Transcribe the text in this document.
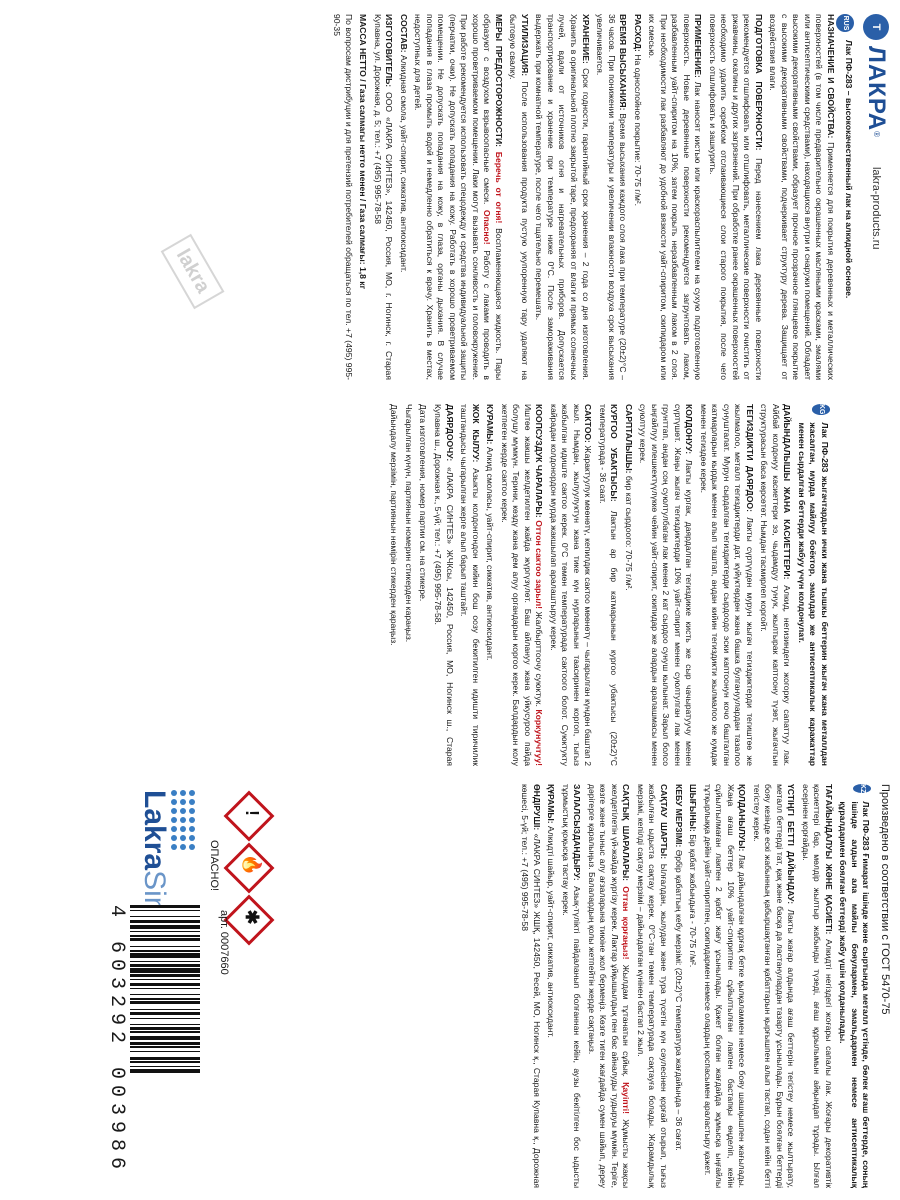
Т
ЛАКРА
®
lakra-products.ru
RUS

Лак ПФ-283 – высококачественный лак на алкидной основе.

НАЗНАЧЕНИЕ И СВОЙСТВА: Применяется для покрытия деревянных и металлических поверхностей (в том числе предварительно окрашенных масляными красками, эмалями или антисептическими средствами), находящихся внутри и снаружи помещений. Обладает высокими декоративными свойствами, образует прочное прозрачное глянцевое покрытие с высокими декоративными свойствами, подчеркивает структуру дерева. Защищает от воздействия влаги.

ПОДГОТОВКА ПОВЕРХНОСТИ: Перед нанесением лака деревянные поверхности рекомендуется отшлифовать или отшлифовать, металлические поверхности очистить от ржавчины, окалины и других загрязнений. При обработке ранее окрашенных поверхностей необходимо удалить скребком отслаивающиеся слои старого покрытия, после чего поверхность отшлифовать и зашкурить.

ПРИМЕНЕНИЕ: Лак наносят кистью или краскораспылителем на сухую подготовленную поверхность. Новые деревянные поверхности рекомендуется загрунтовать лаком, разбавленным уайт-спиритом на 10%, затем покрыть неразбавленным лаком в 2 слоя. При необходимости лак разбавляют до удобной вязкости уайт-спиритом, скипидаром или их смесью.

РАСХОД: На однослойное покрытие: 70-75 г/м².

ВРЕМЯ ВЫСЫХАНИЯ: Время высыхания каждого слоя лака при температуре (20±2)°С – 36 часов. При понижении температуры и увеличении влажности воздуха срок высыхания увеличивается.

ХРАНЕНИЕ: Срок годности, гарантийный срок хранения – 2 года со дня изготовления. Хранить в оригинальной плотно закрытой таре, предохраняя от влаги и прямых солнечных лучей, вдали от источников огня и нагревательных приборов. Допускается транспортирование и хранение при температуре ниже 0°С. После замораживания выдержать при комнатной температуре, после чего тщательно перемешать.

УТИЛИЗАЦИЯ: После использования продукта пустую укупоренную тару удаляют на бытовую свалку.

МЕРЫ ПРЕДОСТОРОЖНОСТИ: Беречь от огня! Воспламеняющаяся жидкость. Пары образуют с воздухом взрывоопасные смеси. Опасно! Работу с лаками проводить в хорошо проветриваемом помещении. Лаки могут вызывать сонливость и головокружение. При работе рекомендуется использовать спецодежду и средства индивидуальной защиты (перчатки, очки). Не допускать попадания на кожу. Работать в хорошо проветриваемом помещении. Не допускать попадания на кожу, в глаза, органы дыхания. В случае попадания в глаза промыть водой и немедленно обратиться к врачу. Хранить в местах, недоступных для детей.

СОСТАВ: Алкидная смола, уайт-спирит, сиккатив, антиоксидант.

ИЗГОТОВИТЕЛЬ: ООО «ЛАКРА СИНТЕЗ», 142450, Россия, МО, г. Ногинск, г. Старая Купавна, ул. Дорожная, д. 5; тел.: +7 (495) 995-78-58

МАССА НЕТТО / Газа салмагы нетто менен / Газа салмағы: 1,8 кг

По вопросам дистрибуции и для претензий потребителей обращаться по тел. +7 (495) 995-90-35

lakra
KG

Лак ПФ-283 жыгачтардын ички жана тышкы беттерин жыгач жана металлдан жасалган, мурда майлуу боёктор, эмалдар же антисептикалык каражаттар менен сырдалган беттерди жабуу үчүн колдонулат.

ДАЙЫНДАЛЫШЫ ЖАНА КАСИЕТТЕРИ: Алкид, негизиндеги жогорку сапаттуу лак. Айбай колдонуу касиеттери ээ, чыдамдуу тунук, жылтырак каптоону түзөт, жыгачтын структурасын баса көрсөтөт. Нымдан тасмирлеп коргойт.

ТЕГИЗДИКТИ ДАЯРДОО: Лакты сүртүүдөн мурун жыгач тегиздиктерди тегиштөө же жылмалоо, металл тегиздиктерди дат, күйүктөрдөн жана башка булгануулардан тазалоо сунушталат. Мурун сырдалган тегиздиктерди сырдоодо эски каптоонун кочо башталган катмарларын кырдык менен алып таштап, андан кийин тегиздикти жылмалоо же кумдак менен тегиздөө керек.

КОЛДОНУУ: Лакты кургак, даярдалган тегиздикке кисть же сыр чачыратуучу менен сүртүшөт. Жаңы жыгач тегиздиктерди 10% уайт-спирит менен суюлтулган лак менен грунттап, андан соң суюлтулбаган лак менен 2 кат сырдоо сунуш кылынат. Зарыл болсо ыңгайлуу илешкектүүлүккө чейин уайт-спирит, скипидар же алардын аралашмасы менен суюлтуу керек.

САРПТАЛЫШЫ: бир кат сырдоого: 70-75 г/м².

КУРГОО УБАКТЫСЫ: Лактын ар бир катмарынын кургоо убактысы (20±2)°С температурада - 36 саат.

САКТОО: Жарактуулук мөөнөтү, кепилдик сактоо мөөнөтү – чыгарылган күндөн баштап 2 жыл. Нымдан, жылуулуктун жана тике күн нурларынын таасиринен коргоп, тыгыз жабылган идиште сактоо керек. 0°С төмөн температурада сактоого болот. Суюктукту кайрадан колдонордон мурда жакшылап аралаштыруу керек.

КООПСУЗДУК ЧАРАЛАРЫ: Оттон сактоо зарыл! Жалбырттоочу суюктук. Коркунучтуу! Иштөө жакшы желдетилген жайда жүргүзүлөт. Баш айлануу жана уйкусуроо пайда болушу мүмкүн. Терини, көздү жана дем алуу органдарын коргоо керек. Балдардын колу жетпеген жерде сактоо керек.

КУРАМЫ: Алкид смоласы, уайт-спирит, сиккатив, антиоксидант.

ЖОК КЫЛУУ: Азыкты колдонгондон кийин бош оозу бекитилген идишти тиричилик таштандысы чыгарылган жерге алып барып таштайт.

ДАЯРДООЧУ: «ЛАКРА СИНТЕЗ» ЖЧКсы, 142450, Россия, МО, Ногинск ш., Старая Купавна ш., Дорожная к., 5-үй; тел.: +7 (495) 995-78-58.

Дата изготовления, номер партии см. на стикере.

Чыгарылган күнүн, партиянын номерин стикерден караңыз.

Дайындалу мерзімін, партиянын нөмірін стикерден қараңыз.

Произведено в соответствии с ГОСТ 5470-75
KZ

Лак ПФ-283 Ғимарат ішінде және сыртында металл үстінде, бөлек ағаш беттерде, соның ішінде алдын ала майлы бояулармен, эмальдармен немесе антисептикалық құралдармен боялған беттерді жабу үшін қолданылады.

ТАҒАЙЫНДАЛУЫ ЖӘНЕ ҚАСИЕТІ: Алкидті негіздегі жоғары сапалы лак. Жоғары декоративтік қасиеттері бар, мөлдір жылтыр жабынды түзеді, ағаш құрылымын айқындап тұрады. Ылғал әсерінен қорғайды.

ҮСТІҢГІ БЕТТІ ДАЙЫНДАУ: Лакты жағар алдында ағаш беттерін тегістеу немесе жылтырату, металл беттерді тат, қақ және басқа да ластанулардан тазарту ұсынылады. Бұрын боялған беттерді бояу кезінде ескі жабынның қабыршақтанған қабаттарын қырғышпен алып тастап, содан кейін бетті тегістеу керек.

ҚОЛДАНЫЛУЫ: Лак дайындалған құрғақ бетке қылқаламмен немесе бояу шашқышпен жағылады. Жаңа ағаш беттер 10% уайт-спиритпен сұйылтылған лакпен бастапқы өңделіп, кейін сұйылтылмаған лакпен 2 қабат жағу ұсынылады. Қажет болған жағдайда жұмысқа ыңғайлы тұтқырлыққа дейін уайт-спиритпен, скипидармен немесе олардың қоспасымен араластыру қажет.

ШЫҒЫНЫ: Бір қабат жабындыға - 70-75 г/м².

КЕБУ МЕРЗІМІ: Әрбір қабаттың кебу мерзімі: (20±2)°С температура жағдайында – 36 сағат.

САҚТАУ ШАРТЫ: Ылғалдан, жылудан және тура түсетін күн сәулесінен қорғай отырып, тығыз жабылған ыдыста сақтау керек. 0°С-тан төмен температурада сақтауға болады. Жарамдылық мерзімі, кепілді сақтау мерзімі – дайындалған күнінен бастап 2 жыл.

САҚТЫҚ ШАРАЛАРЫ: Оттан қорғаңыз! Жылдам тұтанатын сұйық. Қауіпті! Жұмысты жақсы желдетілетін үй-жайда жүргізу керек. Лактар ұйқышылдық пен бас айналуды тудыруы мүмкін. Теріге, көзге және тыныс алу ағзаларына тиюіне жол бермеңіз. Көзге тиген жағдайда сумен шайып, дереу дәрігерге қаралыңыз. Балалардың қолы жетпейтін жерде сақтаңыз.

ЗАЛАЛСЫЗДАНДЫРУ: Азық-түлікті пайдаланып болғаннан кейін, аузы бекітілген бос ыдысты тұрмыстық қоқысқа тастау керек.

ҚҰРАМЫ: Алкидті шайыр, уайт-спирит, сиккатив, антиоксидант.

ӨНДІРУШІ: «ЛАКРА СИНТЕЗ» ЖШҚ, 142450, Ресей, МО, Ногинск қ., Старая Купавна қ., Дорожная көшесі, 5-үй; тел.: +7 (495) 995-78-58

!
🔥
✱
ОПАСНО!
Lakra
арт. 0007660
4 603292 003986
